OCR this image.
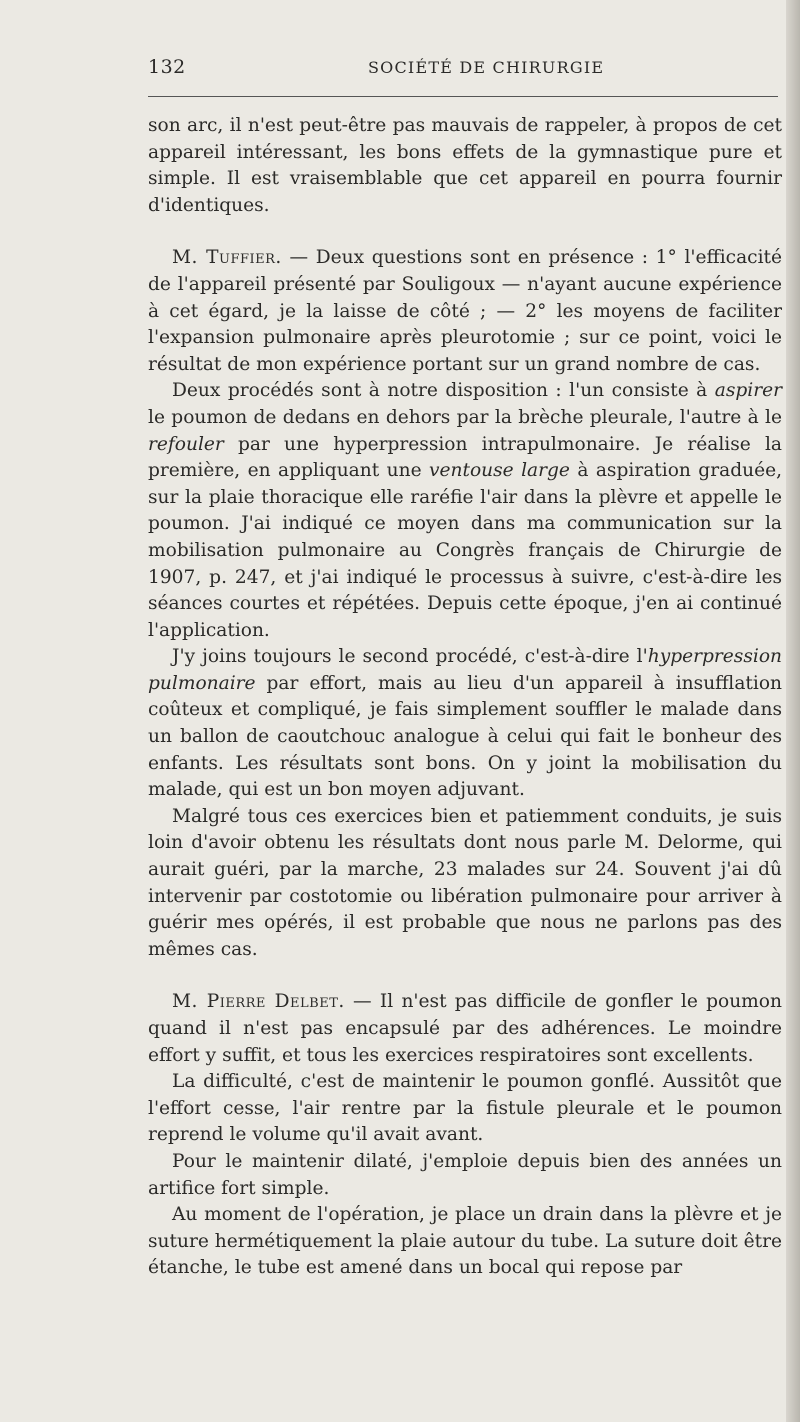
132	SOCIÉTÉ DE CHIRURGIE

son arc, il n'est peut-être pas mauvais de rappeler, à propos de cet appareil intéressant, les bons effets de la gymnastique pure et simple. Il est vraisemblable que cet appareil en pourra fournir d'identiques.

M. Tuffier. — Deux questions sont en présence : 1° l'efficacité de l'appareil présenté par Souligoux — n'ayant aucune expérience à cet égard, je la laisse de côté ; — 2° les moyens de faciliter l'expansion pulmonaire après pleurotomie ; sur ce point, voici le résultat de mon expérience portant sur un grand nombre de cas.

Deux procédés sont à notre disposition : l'un consiste à aspirer le poumon de dedans en dehors par la brèche pleurale, l'autre à le refouler par une hyperpression intrapulmonaire. Je réalise la première, en appliquant une ventouse large à aspiration graduée, sur la plaie thoracique elle raréfie l'air dans la plèvre et appelle le poumon. J'ai indiqué ce moyen dans ma communication sur la mobilisation pulmonaire au Congrès français de Chirurgie de 1907, p. 247, et j'ai indiqué le processus à suivre, c'est-à-dire les séances courtes et répétées. Depuis cette époque, j'en ai continué l'application.

J'y joins toujours le second procédé, c'est-à-dire l'hyperpression pulmonaire par effort, mais au lieu d'un appareil à insufflation coûteux et compliqué, je fais simplement souffler le malade dans un ballon de caoutchouc analogue à celui qui fait le bonheur des enfants. Les résultats sont bons. On y joint la mobilisation du malade, qui est un bon moyen adjuvant.

Malgré tous ces exercices bien et patiemment conduits, je suis loin d'avoir obtenu les résultats dont nous parle M. Delorme, qui aurait guéri, par la marche, 23 malades sur 24. Souvent j'ai dû intervenir par costotomie ou libération pulmonaire pour arriver à guérir mes opérés, il est probable que nous ne parlons pas des mêmes cas.

M. Pierre Delbet. — Il n'est pas difficile de gonfler le poumon quand il n'est pas encapsulé par des adhérences. Le moindre effort y suffit, et tous les exercices respiratoires sont excellents.

La difficulté, c'est de maintenir le poumon gonflé. Aussitôt que l'effort cesse, l'air rentre par la fistule pleurale et le poumon reprend le volume qu'il avait avant.

Pour le maintenir dilaté, j'emploie depuis bien des années un artifice fort simple.

Au moment de l'opération, je place un drain dans la plèvre et je suture hermétiquement la plaie autour du tube. La suture doit être étanche, le tube est amené dans un bocal qui repose par
